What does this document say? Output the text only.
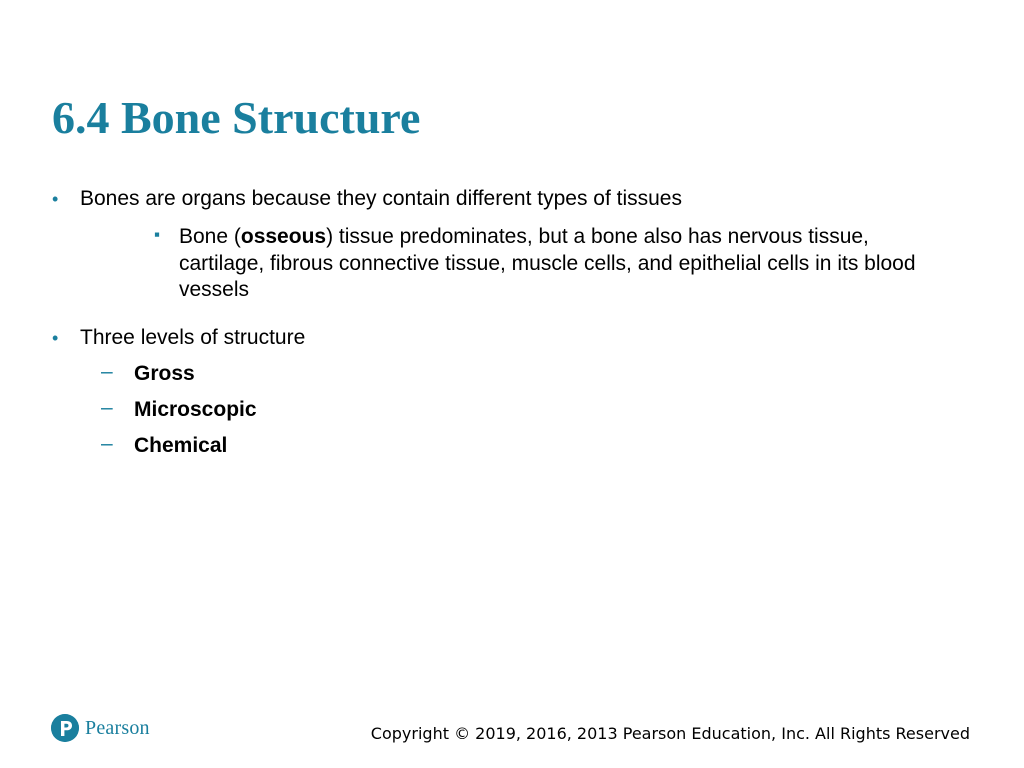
6.4 Bone Structure
• Bones are organs because they contain different types of tissues
▪ Bone (osseous) tissue predominates, but a bone also has nervous tissue, cartilage, fibrous connective tissue, muscle cells, and epithelial cells in its blood vessels
• Three levels of structure
– Gross
– Microscopic
– Chemical
Pearson	Copyright © 2019, 2016, 2013 Pearson Education, Inc. All Rights Reserved
